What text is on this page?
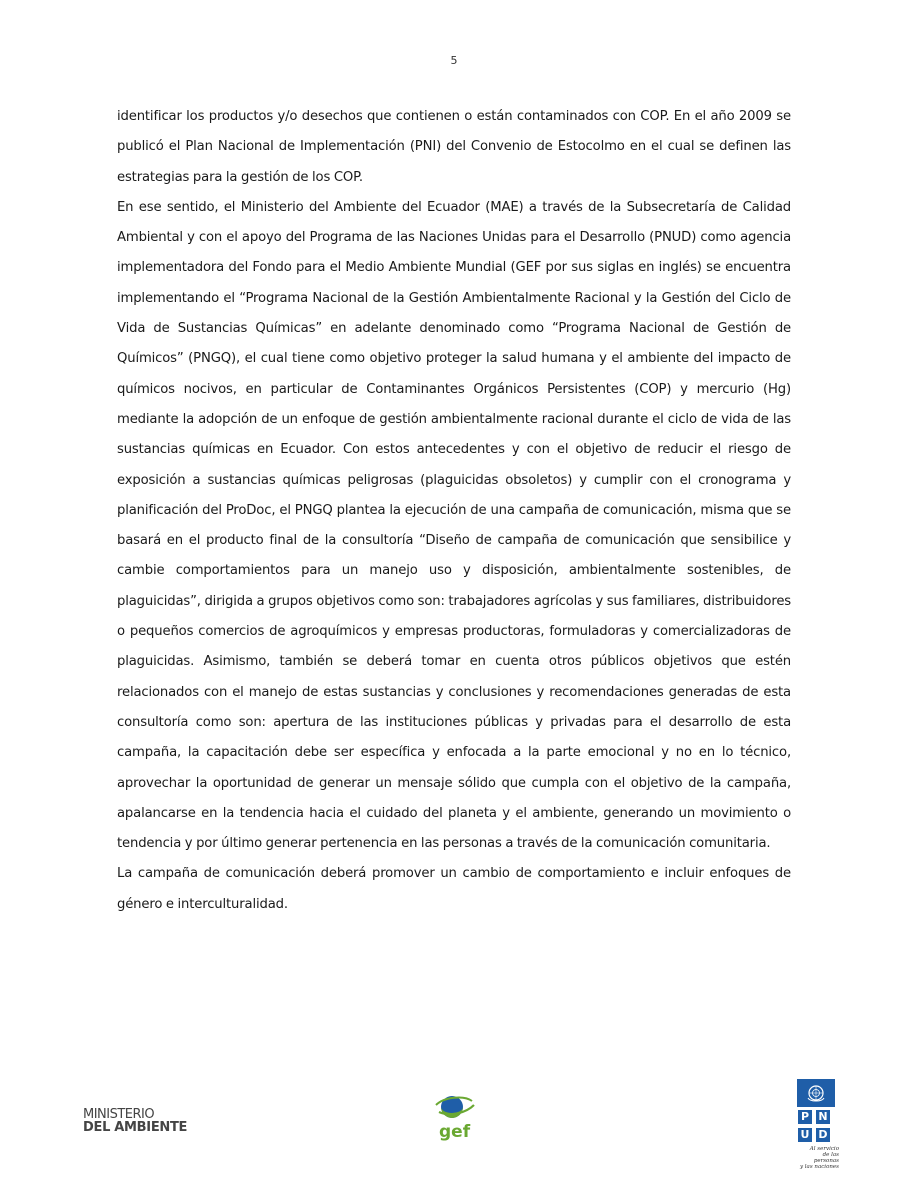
5

identificar los productos y/o desechos que contienen o están contaminados con COP. En el año 2009 se publicó el Plan Nacional de Implementación (PNI) del Convenio de Estocolmo en el cual se definen las estrategias para la gestión de los COP.

En ese sentido, el Ministerio del Ambiente del Ecuador (MAE) a través de la Subsecretaría de Calidad Ambiental y con el apoyo del Programa de las Naciones Unidas para el Desarrollo (PNUD) como agencia implementadora del Fondo para el Medio Ambiente Mundial (GEF por sus siglas en inglés) se encuentra implementando el “Programa Nacional de la Gestión Ambientalmente Racional y la Gestión del Ciclo de Vida de Sustancias Químicas” en adelante denominado como “Programa Nacional de Gestión de Químicos” (PNGQ), el cual tiene como objetivo proteger la salud humana y el ambiente del impacto de químicos nocivos, en particular de Contaminantes Orgánicos Persistentes (COP) y mercurio (Hg) mediante la adopción de un enfoque de gestión ambientalmente racional durante el ciclo de vida de las sustancias químicas en Ecuador. Con estos antecedentes y con el objetivo de reducir el riesgo de exposición a sustancias químicas peligrosas (plaguicidas obsoletos) y cumplir con el cronograma y planificación del ProDoc, el PNGQ plantea la ejecución de una campaña de comunicación, misma que se basará en el producto final de la consultoría “Diseño de campaña de comunicación que sensibilice y cambie comportamientos para un manejo uso y disposición, ambientalmente sostenibles, de plaguicidas”, dirigida a grupos objetivos como son: trabajadores agrícolas y sus familiares, distribuidores o pequeños comercios de agroquímicos y empresas productoras, formuladoras y comercializadoras de plaguicidas. Asimismo, también se deberá tomar en cuenta otros públicos objetivos que estén relacionados con el manejo de estas sustancias y conclusiones y recomendaciones generadas de esta consultoría como son: apertura de las instituciones públicas y privadas para el desarrollo de esta campaña, la capacitación debe ser específica y enfocada a la parte emocional y no en lo técnico, aprovechar la oportunidad de generar un mensaje sólido que cumpla con el objetivo de la campaña, apalancarse en la tendencia hacia el cuidado del planeta y el ambiente, generando un movimiento o tendencia y por último generar pertenencia en las personas a través de la comunicación comunitaria.

La campaña de comunicación deberá promover un cambio de comportamiento e incluir enfoques de género e interculturalidad.

MINISTERIO
DEL AMBIENTE	gef
P N
U D
Al servicio
de las personas
y las naciones
